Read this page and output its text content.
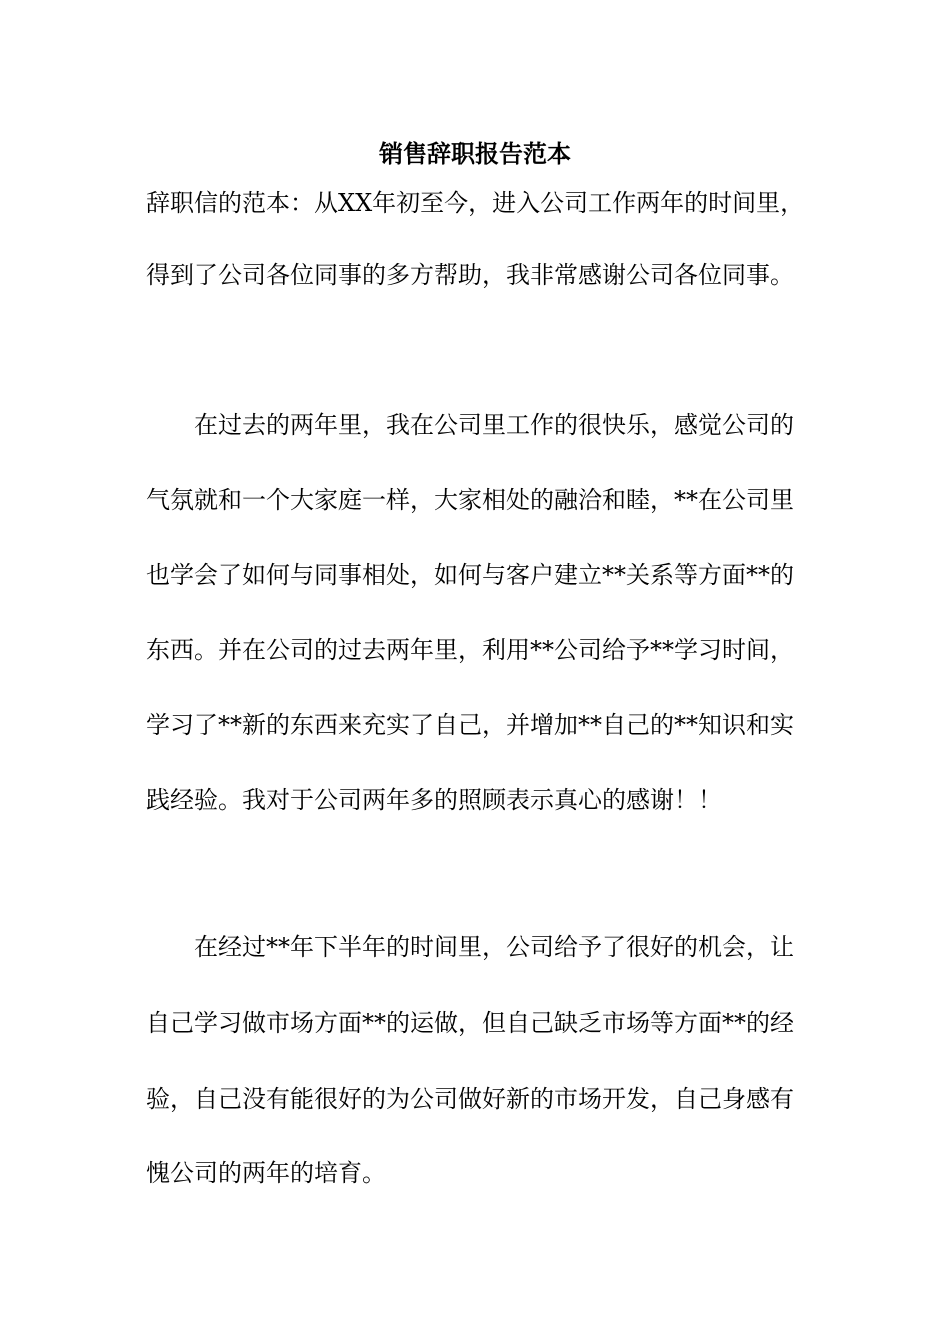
销售辞职报告范本

辞职信的范本：从XX年初至今，进入公司工作两年的时间里，

得到了公司各位同事的多方帮助，我非常感谢公司各位同事。

在过去的两年里，我在公司里工作的很快乐，感觉公司的

气氛就和一个大家庭一样，大家相处的融洽和睦，**在公司里

也学会了如何与同事相处，如何与客户建立**关系等方面**的

东西。并在公司的过去两年里，利用**公司给予**学习时间，

学习了**新的东西来充实了自己，并增加**自己的**知识和实

践经验。我对于公司两年多的照顾表示真心的感谢！！

在经过**年下半年的时间里，公司给予了很好的机会，让

自己学习做市场方面**的运做，但自己缺乏市场等方面**的经

验，自己没有能很好的为公司做好新的市场开发，自己身感有

愧公司的两年的培育。
